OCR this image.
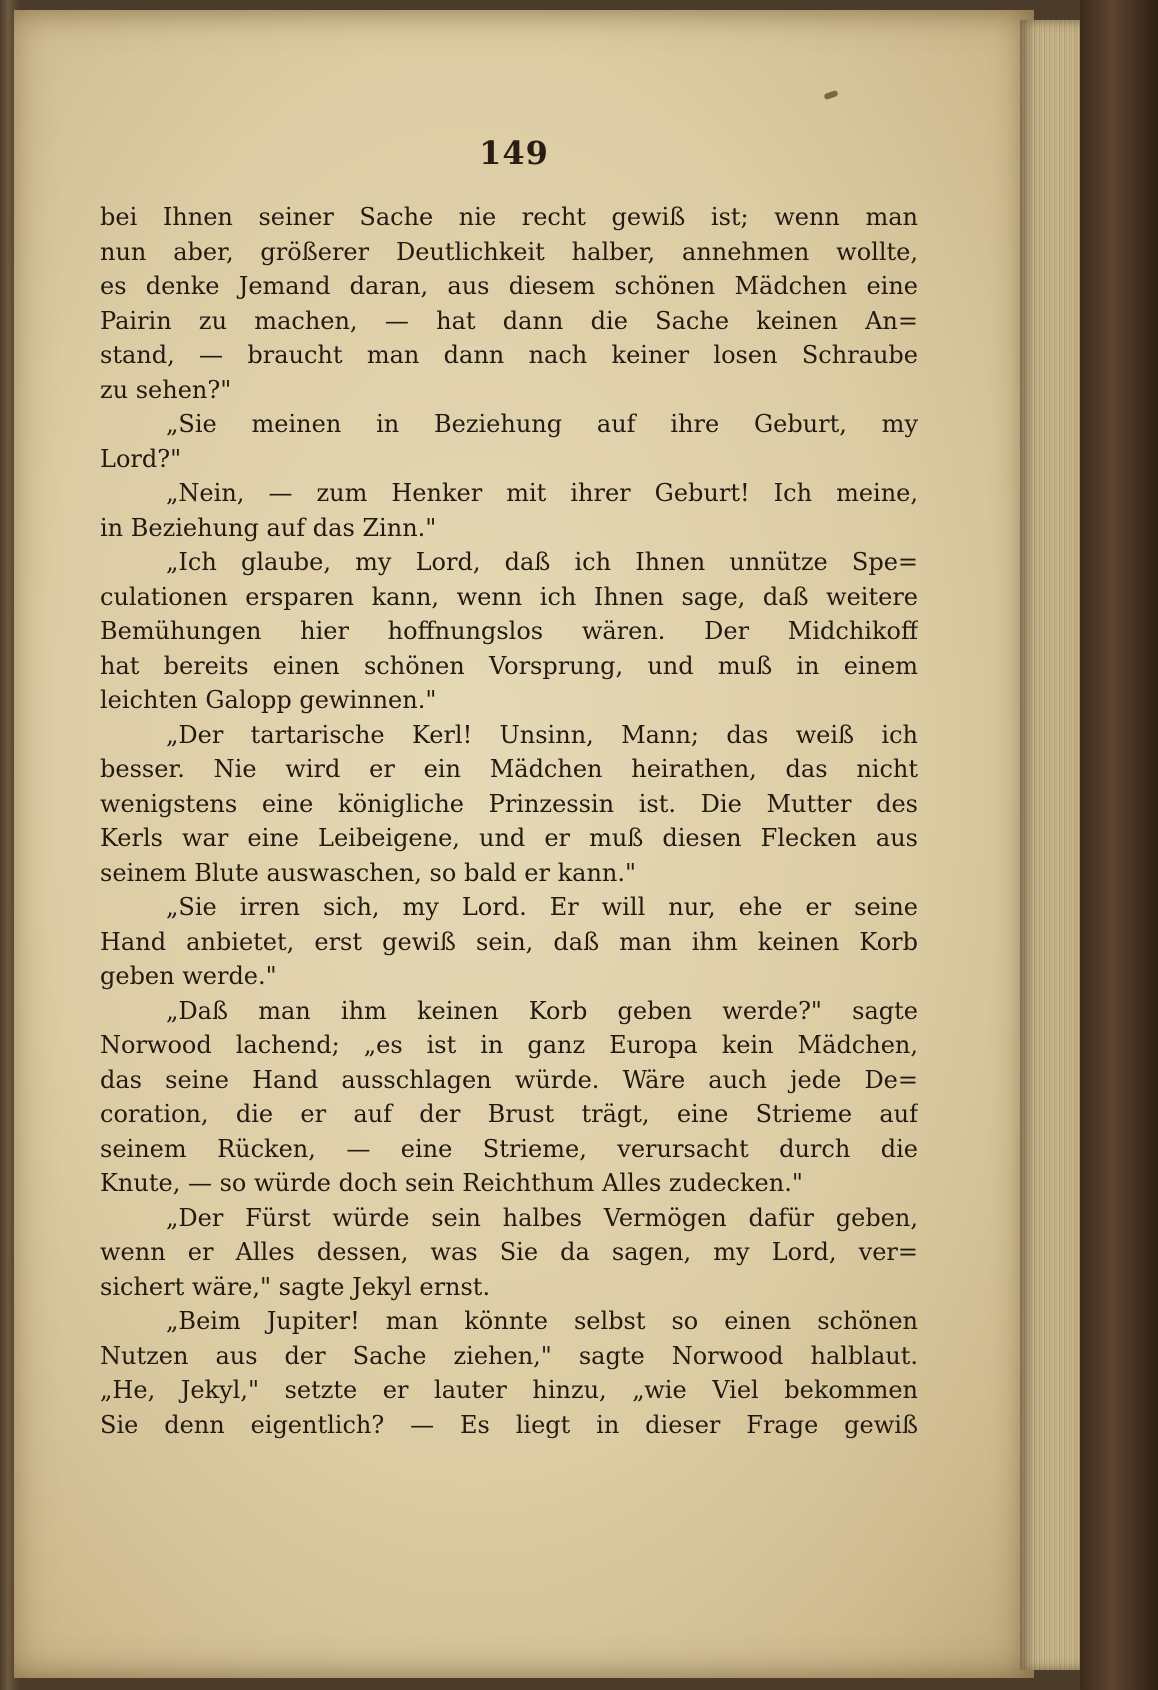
149
bei Ihnen seiner Sache nie recht gewiß ist; wenn man
nun aber, größerer Deutlichkeit halber, annehmen wollte,
es denke Jemand daran, aus diesem schönen Mädchen eine
Pairin zu machen, — hat dann die Sache keinen An=
stand, — braucht man dann nach keiner losen Schraube
zu sehen?"
„Sie meinen in Beziehung auf ihre Geburt, my
Lord?"
„Nein, — zum Henker mit ihrer Geburt! Ich meine,
in Beziehung auf das Zinn."
„Ich glaube, my Lord, daß ich Ihnen unnütze Spe=
culationen ersparen kann, wenn ich Ihnen sage, daß weitere
Bemühungen hier hoffnungslos wären. Der Midchikoff
hat bereits einen schönen Vorsprung, und muß in einem
leichten Galopp gewinnen."
„Der tartarische Kerl! Unsinn, Mann; das weiß ich
besser. Nie wird er ein Mädchen heirathen, das nicht
wenigstens eine königliche Prinzessin ist. Die Mutter des
Kerls war eine Leibeigene, und er muß diesen Flecken aus
seinem Blute auswaschen, so bald er kann."
„Sie irren sich, my Lord. Er will nur, ehe er seine
Hand anbietet, erst gewiß sein, daß man ihm keinen Korb
geben werde."
„Daß man ihm keinen Korb geben werde?" sagte
Norwood lachend; „es ist in ganz Europa kein Mädchen,
das seine Hand ausschlagen würde. Wäre auch jede De=
coration, die er auf der Brust trägt, eine Strieme auf
seinem Rücken, — eine Strieme, verursacht durch die
Knute, — so würde doch sein Reichthum Alles zudecken."
„Der Fürst würde sein halbes Vermögen dafür geben,
wenn er Alles dessen, was Sie da sagen, my Lord, ver=
sichert wäre," sagte Jekyl ernst.
„Beim Jupiter! man könnte selbst so einen schönen
Nutzen aus der Sache ziehen," sagte Norwood halblaut.
„He, Jekyl," setzte er lauter hinzu, „wie Viel bekommen
Sie denn eigentlich? — Es liegt in dieser Frage gewiß
